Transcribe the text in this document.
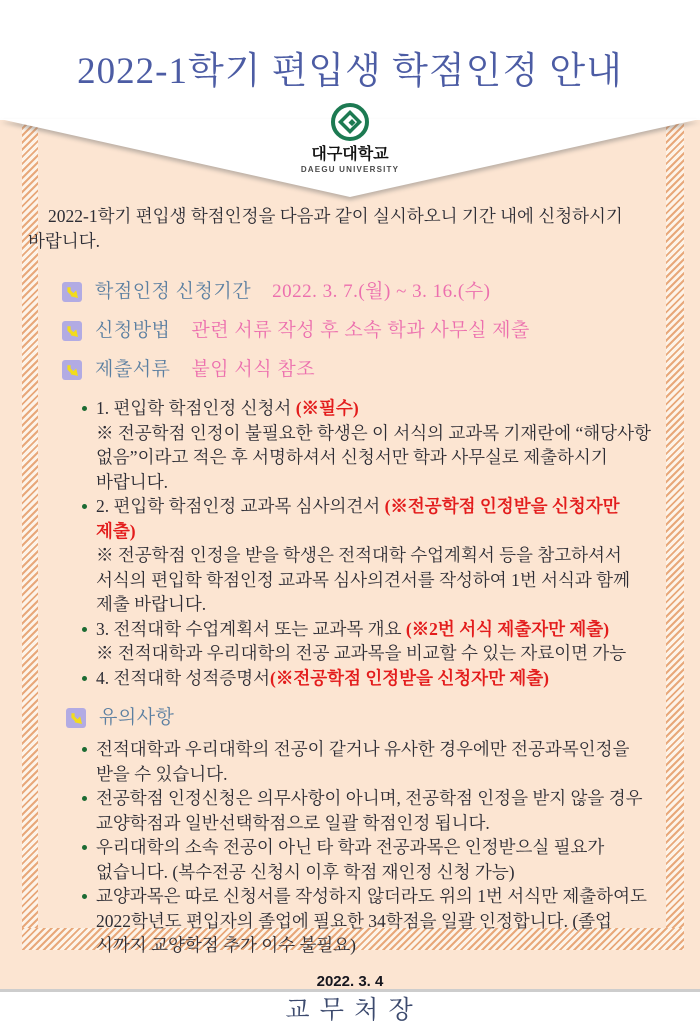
2022-1학기 편입생 학점인정 안내
대구대학교
DAEGU UNIVERSITY

2022-1학기 편입생 학점인정을 다음과 같이 실시하오니 기간 내에 신청하시기 바랍니다.

학점인정 신청기간 2022. 3. 7.(월) ~ 3. 16.(수)
신청방법 관련 서류 작성 후 소속 학과 사무실 제출
제출서류 붙임 서식 참조
1. 편입학 학점인정 신청서 (※필수)
※ 전공학점 인정이 불필요한 학생은 이 서식의 교과목 기재란에 “해당사항 없음”이라고 적은 후 서명하셔서 신청서만 학과 사무실로 제출하시기 바랍니다.
2. 편입학 학점인정 교과목 심사의견서 (※전공학점 인정받을 신청자만 제출)
※ 전공학점 인정을 받을 학생은 전적대학 수업계획서 등을 참고하셔서 서식의 편입학 학점인정 교과목 심사의견서를 작성하여 1번 서식과 함께 제출 바랍니다.
3. 전적대학 수업계획서 또는 교과목 개요 (※2번 서식 제출자만 제출)
※ 전적대학과 우리대학의 전공 교과목을 비교할 수 있는 자료이면 가능
4. 전적대학 성적증명서(※전공학점 인정받을 신청자만 제출)
유의사항
전적대학과 우리대학의 전공이 같거나 유사한 경우에만 전공과목인정을 받을 수 있습니다.
전공학점 인정신청은 의무사항이 아니며, 전공학점 인정을 받지 않을 경우 교양학점과 일반선택학점으로 일괄 학점인정 됩니다.
우리대학의 소속 전공이 아닌 타 학과 전공과목은 인정받으실 필요가 없습니다. (복수전공 신청시 이후 학점 재인정 신청 가능)
교양과목은 따로 신청서를 작성하지 않더라도 위의 1번 서식만 제출하여도 2022학년도 편입자의 졸업에 필요한 34학점을 일괄 인정합니다. (졸업 시까지 교양학점 추가 이수 불필요)
2022. 3. 4
교 무 처 장
